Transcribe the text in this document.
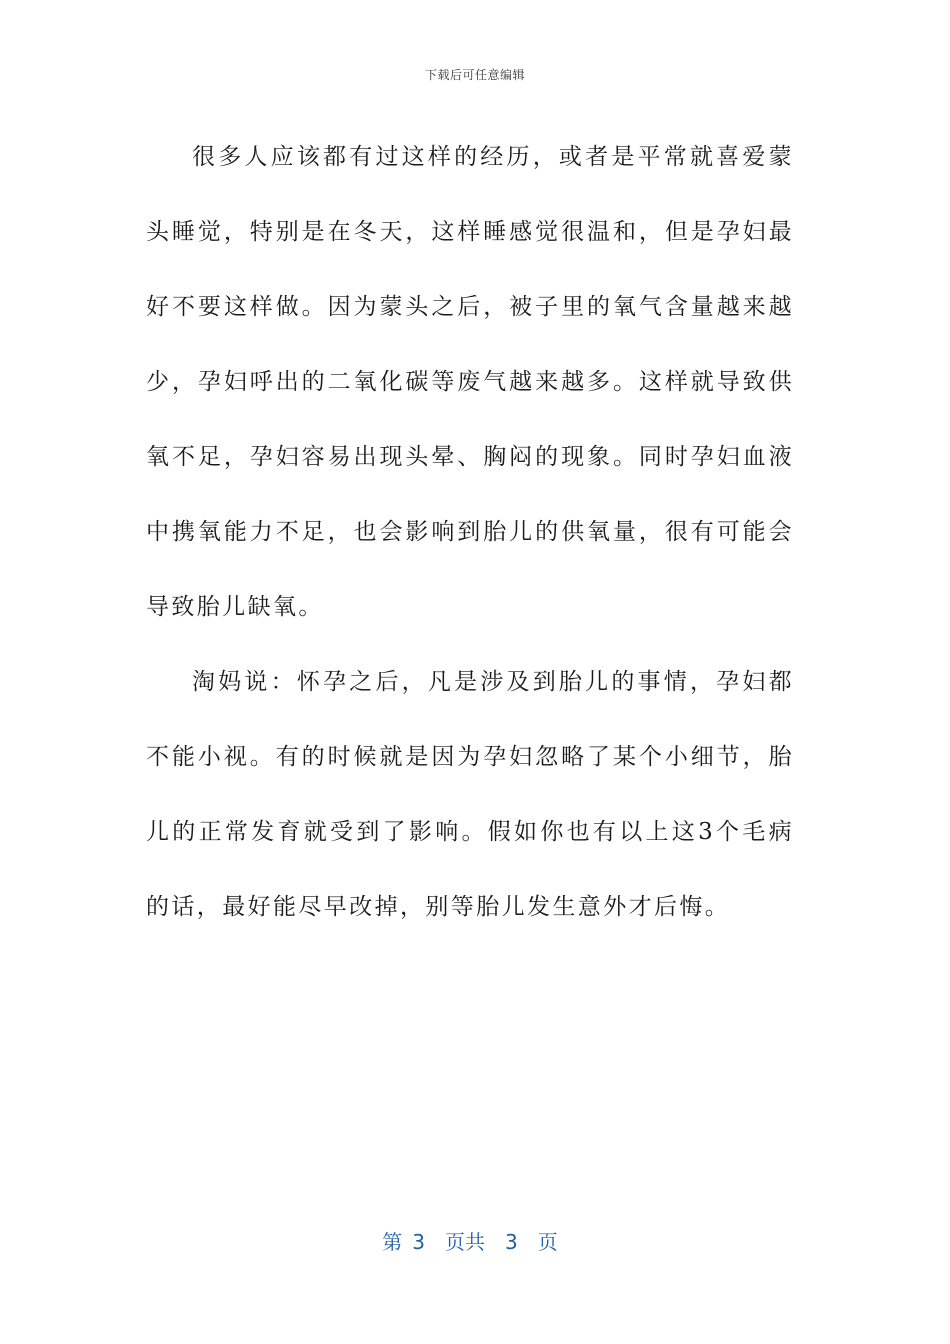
下载后可任意编辑

很多人应该都有过这样的经历，或者是平常就喜爱蒙头睡觉，特别是在冬天，这样睡感觉很温和，但是孕妇最好不要这样做。因为蒙头之后，被子里的氧气含量越来越少，孕妇呼出的二氧化碳等废气越来越多。这样就导致供氧不足，孕妇容易出现头晕、胸闷的现象。同时孕妇血液中携氧能力不足，也会影响到胎儿的供氧量，很有可能会导致胎儿缺氧。

淘妈说：怀孕之后，凡是涉及到胎儿的事情，孕妇都不能小视。有的时候就是因为孕妇忽略了某个小细节，胎儿的正常发育就受到了影响。假如你也有以上这3个毛病的话，最好能尽早改掉，别等胎儿发生意外才后悔。

第 3 页共 3 页
